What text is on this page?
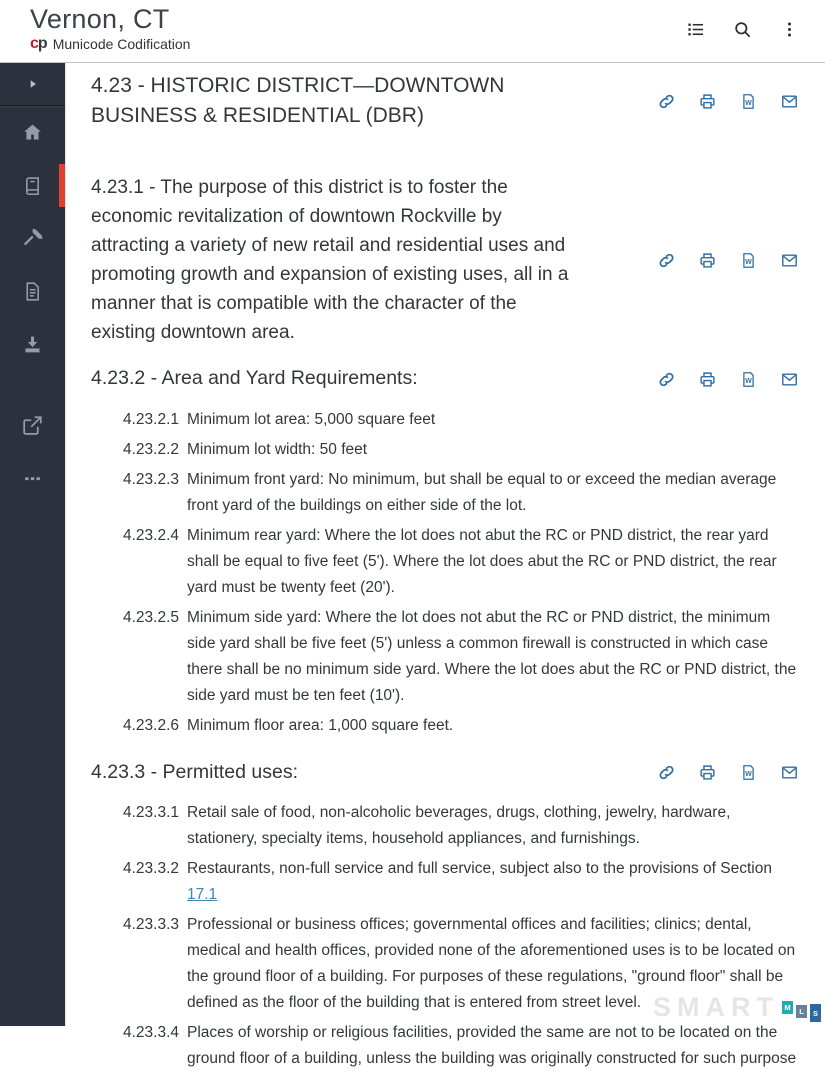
Vernon, CT
cp Municode Codification
4.23 - HISTORIC DISTRICT—DOWNTOWN BUSINESS & RESIDENTIAL (DBR)
W
4.23.1 - The purpose of this district is to foster the economic revitalization of downtown Rockville by attracting a variety of new retail and residential uses and promoting growth and expansion of existing uses, all in a manner that is compatible with the character of the existing downtown area.
W
4.23.2 - Area and Yard Requirements:	W
4.23.2.1 Minimum lot area: 5,000 square feet
4.23.2.2 Minimum lot width: 50 feet
4.23.2.3 Minimum front yard: No minimum, but shall be equal to or exceed the median average front yard of the buildings on either side of the lot.
4.23.2.4 Minimum rear yard: Where the lot does not abut the RC or PND district, the rear yard shall be equal to five feet (5'). Where the lot does abut the RC or PND district, the rear yard must be twenty feet (20').
4.23.2.5 Minimum side yard: Where the lot does not abut the RC or PND district, the minimum side yard shall be five feet (5') unless a common firewall is constructed in which case there shall be no minimum side yard. Where the lot does abut the RC or PND district, the side yard must be ten feet (10').
4.23.2.6 Minimum floor area: 1,000 square feet.
4.23.3 - Permitted uses:	W
4.23.3.1 Retail sale of food, non-alcoholic beverages, drugs, clothing, jewelry, hardware, stationery, specialty items, household appliances, and furnishings.
4.23.3.2 Restaurants, non-full service and full service, subject also to the provisions of Section 17.1
4.23.3.3 Professional or business offices; governmental offices and facilities; clinics; dental, medical and health offices, provided none of the aforementioned uses is to be located on the ground floor of a building. For purposes of these regulations, "ground floor" shall be defined as the floor of the building that is entered from street level.
4.23.3.4 Places of worship or religious facilities, provided the same are not to be located on the ground floor of a building, unless the building was originally constructed for such purpose
SMART M	L	S
